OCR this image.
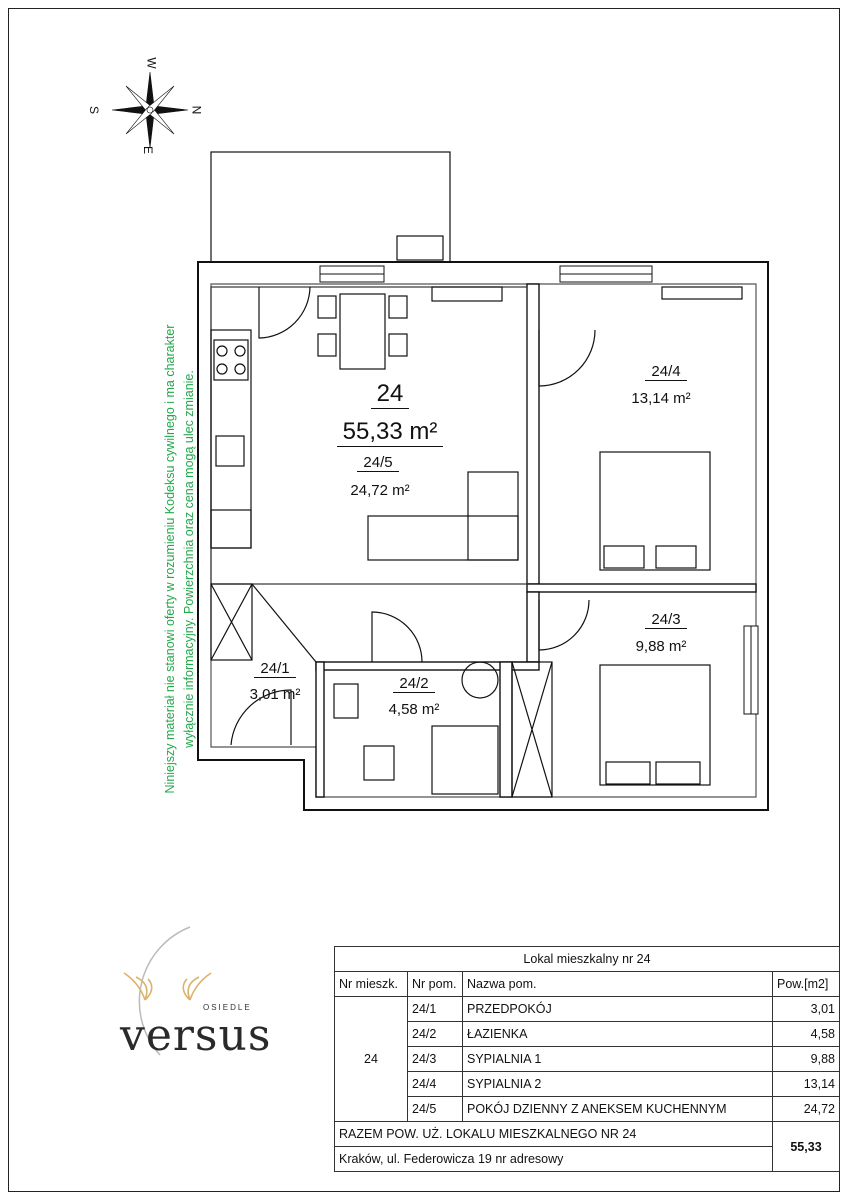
W
N
S
E
24
55,33 m²
24/5
24,72 m²
24/4
13,14 m²
24/3
9,88 m²
24/1
3,01 m²
24/2
4,58 m²
Niniejszy materiał nie stanowi oferty w rozumieniu Kodeksu cywilnego i ma charakter wyłącznie informacyjny. Powierzchnia oraz cena mogą ulec zmianie.
OSIEDLE
versus
Lokal mieszkalny nr 24			
Nr mieszk.	Nr pom.	Nazwa pom.	Pow.[m2]
24	24/1	PRZEDPOKÓJ	3,01
	24/2	ŁAZIENKA	4,58
	24/3	SYPIALNIA 1	9,88
	24/4	SYPIALNIA 2	13,14
	24/5	POKÓJ DZIENNY Z ANEKSEM KUCHENNYM	24,72
RAZEM POW. UŻ. LOKALU MIESZKALNEGO NR 24			55,33
Kraków, ul. Federowicza 19 nr adresowy			
